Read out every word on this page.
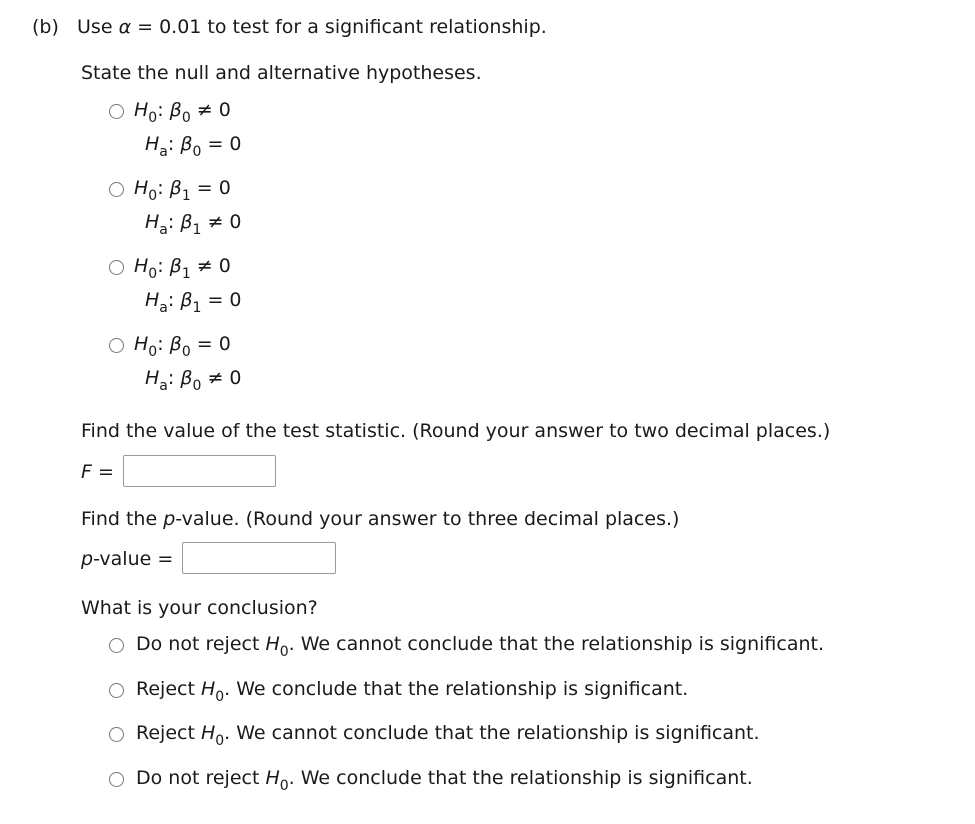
(b) Use α = 0.01 to test for a significant relationship.
State the null and alternative hypotheses.
$H_0$: $\beta_0 \ne 0$
$H_a$: $\beta_0 = 0$
$H_0$: $\beta_1 = 0$
$H_a$: $\beta_1 \ne 0$
$H_0$: $\beta_1 \ne 0$
$H_a$: $\beta_1 = 0$
$H_0$: $\beta_0 = 0$
$H_a$: $\beta_0 \ne 0$
Find the value of the test statistic. (Round your answer to two decimal places.)
F =
Find the p-value. (Round your answer to three decimal places.)
p-value =
What is your conclusion?
Do not reject $H_0$. We cannot conclude that the relationship is significant.
Reject $H_0$. We conclude that the relationship is significant.
Reject $H_0$. We cannot conclude that the relationship is significant.
Do not reject $H_0$. We conclude that the relationship is significant.
